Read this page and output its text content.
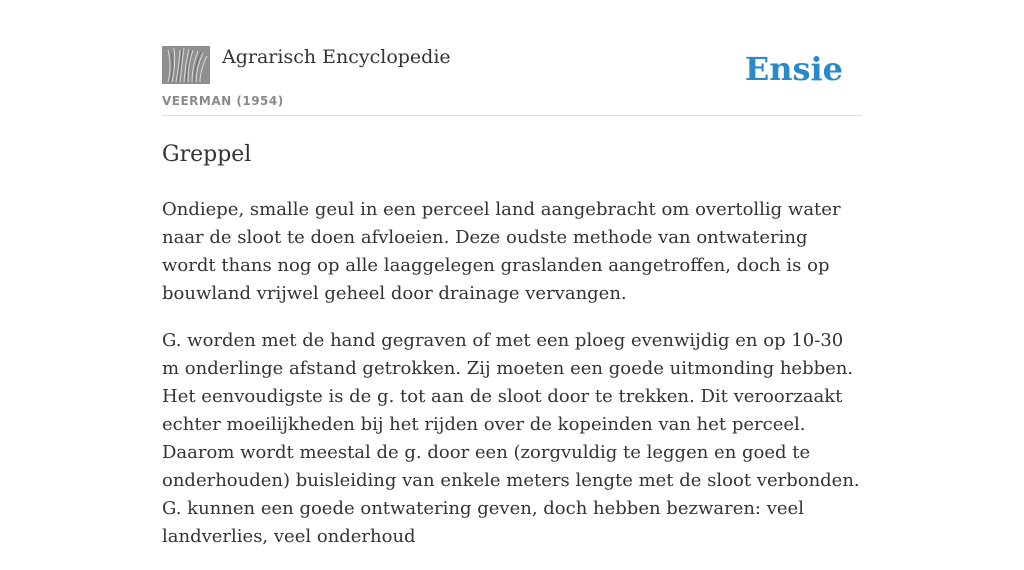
Agrarisch Encyclopedie
VEERMAN (1954)
Ensie
Greppel

Ondiepe, smalle geul in een perceel land aangebracht om overtollig water naar de sloot te doen afvloeien. Deze oudste methode van ontwatering wordt thans nog op alle laaggelegen graslanden aangetroffen, doch is op bouwland vrijwel geheel door drainage vervangen.

G. worden met de hand gegraven of met een ploeg evenwijdig en op 10-30 m onderlinge afstand getrokken. Zij moeten een goede uitmonding hebben. Het eenvoudigste is de g. tot aan de sloot door te trekken. Dit veroorzaakt echter moeilijkheden bij het rijden over de kopeinden van het perceel. Daarom wordt meestal de g. door een (zorgvuldig te leggen en goed te onderhouden) buisleiding van enkele meters lengte met de sloot verbonden. G. kunnen een goede ontwatering geven, doch hebben bezwaren: veel landverlies, veel onderhoud
